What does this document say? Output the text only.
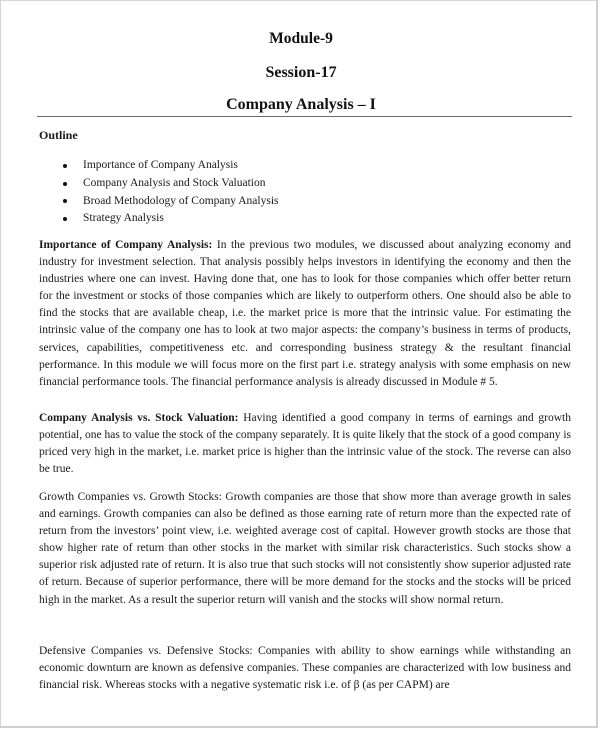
Module-9
Session-17
Company Analysis – I
Outline
Importance of Company Analysis
Company Analysis and Stock Valuation
Broad Methodology of Company Analysis
Strategy Analysis

Importance of Company Analysis: In the previous two modules, we discussed about analyzing economy and industry for investment selection. That analysis possibly helps investors in identifying the economy and then the industries where one can invest. Having done that, one has to look for those companies which offer better return for the investment or stocks of those companies which are likely to outperform others. One should also be able to find the stocks that are available cheap, i.e. the market price is more that the intrinsic value. For estimating the intrinsic value of the company one has to look at two major aspects: the company’s business in terms of products, services, capabilities, competitiveness etc. and corresponding business strategy & the resultant financial performance. In this module we will focus more on the first part i.e. strategy analysis with some emphasis on new financial performance tools. The financial performance analysis is already discussed in Module # 5.

Company Analysis vs. Stock Valuation: Having identified a good company in terms of earnings and growth potential, one has to value the stock of the company separately. It is quite likely that the stock of a good company is priced very high in the market, i.e. market price is higher than the intrinsic value of the stock. The reverse can also be true.

Growth Companies vs. Growth Stocks: Growth companies are those that show more than average growth in sales and earnings. Growth companies can also be defined as those earning rate of return more than the expected rate of return from the investors’ point view, i.e. weighted average cost of capital. However growth stocks are those that show higher rate of return than other stocks in the market with similar risk characteristics. Such stocks show a superior risk adjusted rate of return. It is also true that such stocks will not consistently show superior adjusted rate of return. Because of superior performance, there will be more demand for the stocks and the stocks will be priced high in the market. As a result the superior return will vanish and the stocks will show normal return.

Defensive Companies vs. Defensive Stocks: Companies with ability to show earnings while withstanding an economic downturn are known as defensive companies. These companies are characterized with low business and financial risk. Whereas stocks with a negative systematic risk i.e. of β (as per CAPM) are
